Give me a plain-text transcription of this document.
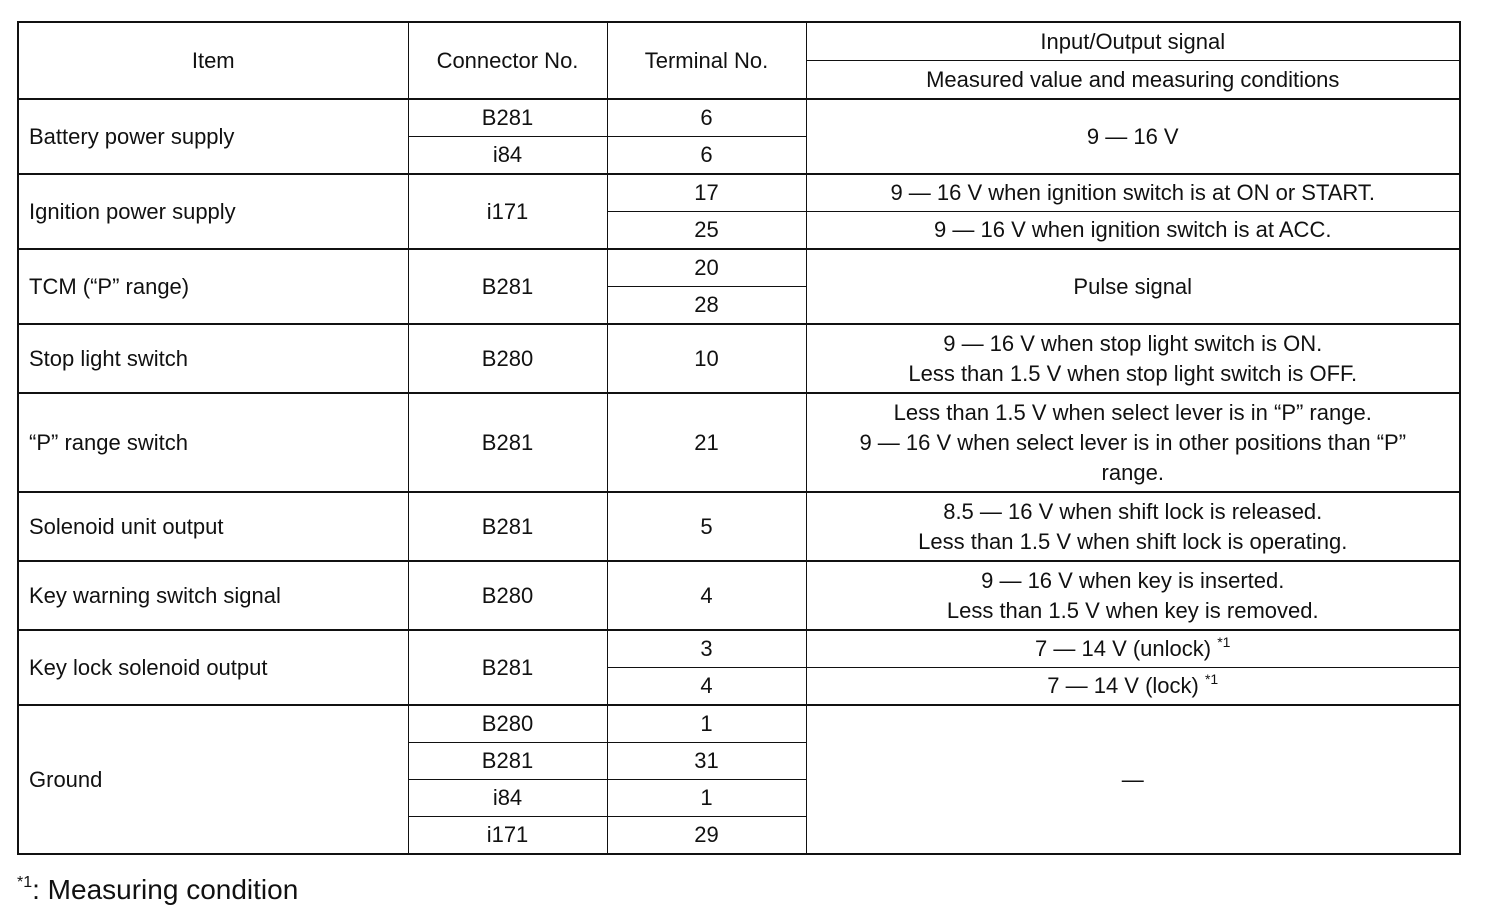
Item	Connector No.	Terminal No.	Input/Output signal
			Measured value and measuring conditions
Battery power supply	B281	6	9 — 16 V
	i84	6	
Ignition power supply	i171	17	9 — 16 V when ignition switch is at ON or START.
		25	9 — 16 V when ignition switch is at ACC.
TCM (“P” range)	B281	20	Pulse signal
		28	
Stop light switch	B280	10	9 — 16 V when stop light switch is ON.
Less than 1.5 V when stop light switch is OFF.

“P” range switch	B281	21	Less than 1.5 V when select lever is in “P” range.
9 — 16 V when select lever is in other positions than “P”
range.

Solenoid unit output	B281	5	8.5 — 16 V when shift lock is released.
Less than 1.5 V when shift lock is operating.

Key warning switch signal	B280	4	9 — 16 V when key is inserted.
Less than 1.5 V when key is removed.

Key lock solenoid output	B281	3	7 — 14 V (unlock) $^{*1}$
		4	7 — 14 V (lock) $^{*1}$
Ground	B280	1	—
	B281	31	
	i84	1	
	i171	29	
$^{*1}$: Measuring condition
